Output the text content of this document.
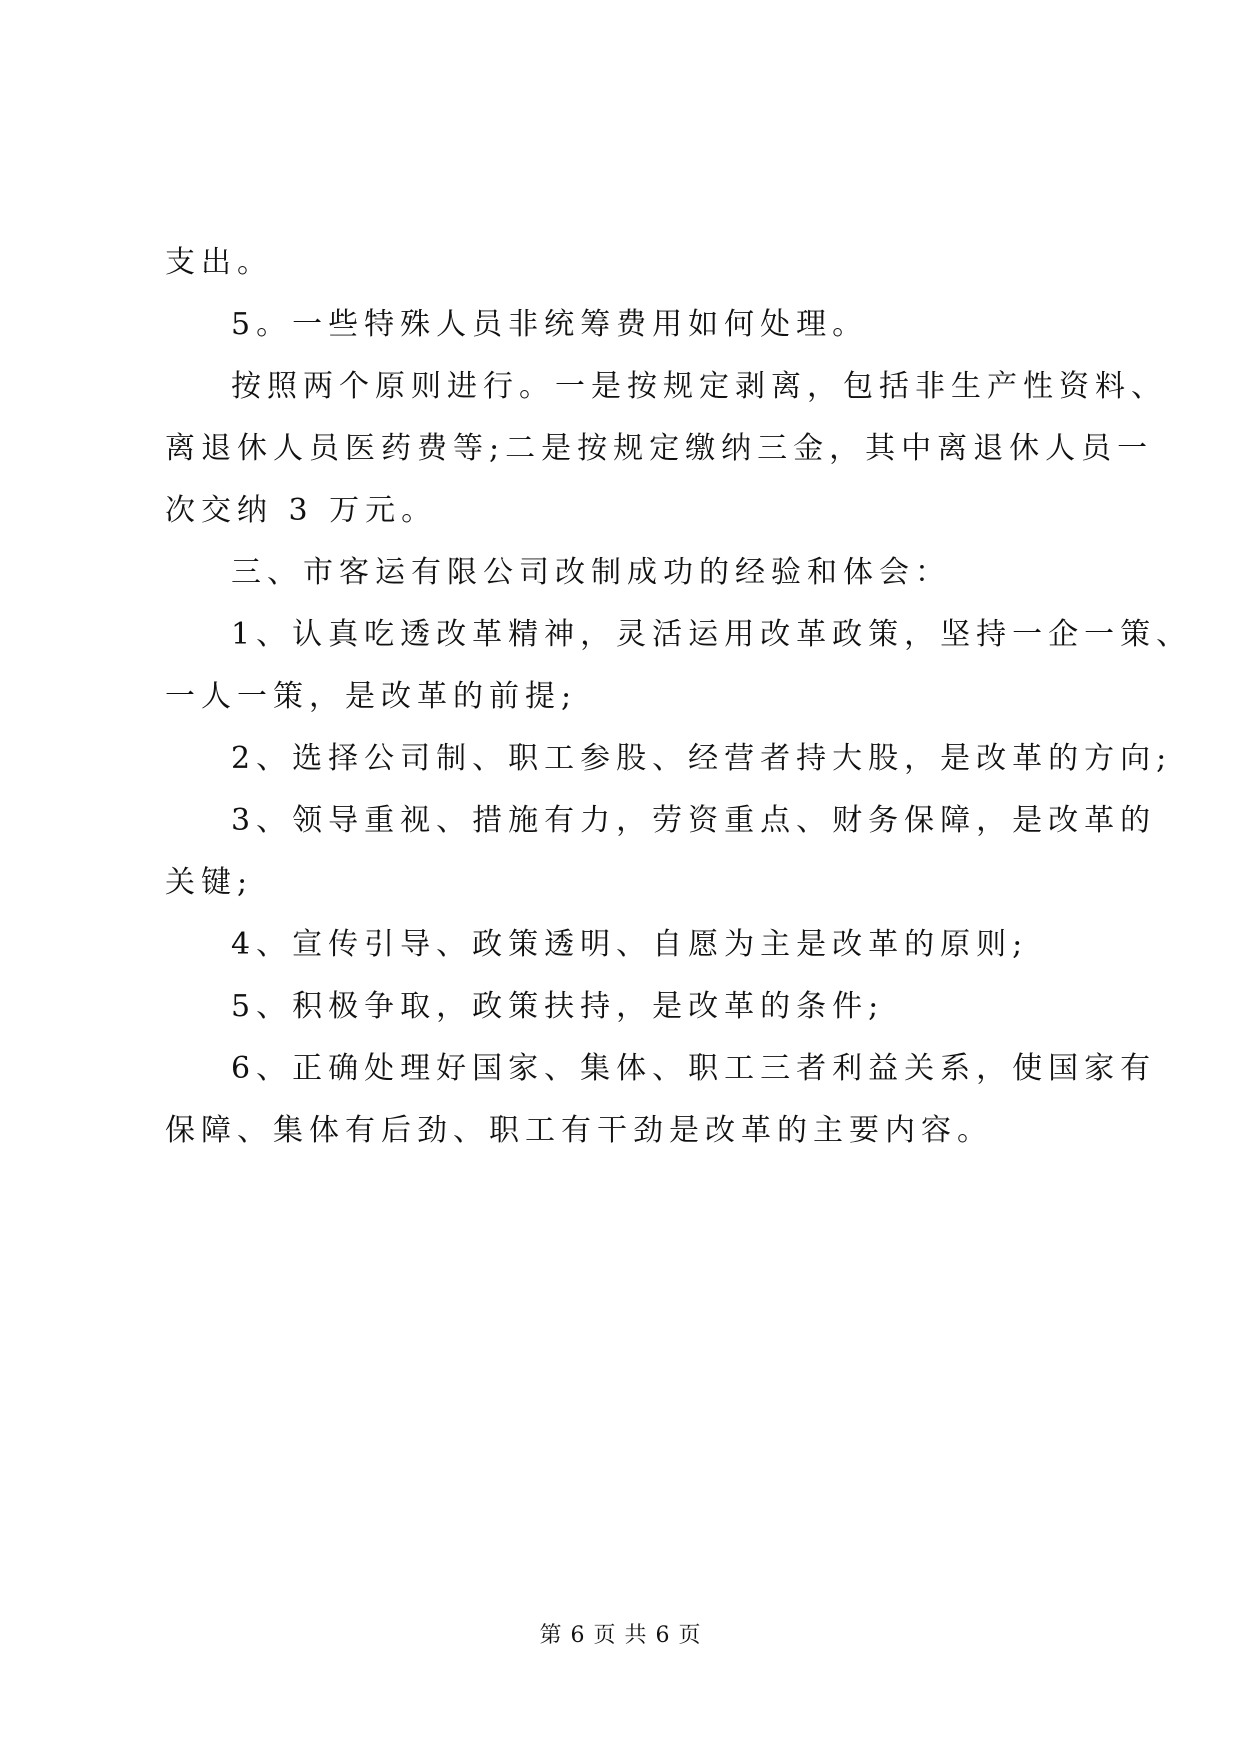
支出。
5。一些特殊人员非统筹费用如何处理。
按照两个原则进行。一是按规定剥离，包括非生产性资料、
离退休人员医药费等;二是按规定缴纳三金，其中离退休人员一
次交纳 3 万元。
三、市客运有限公司改制成功的经验和体会：
1、认真吃透改革精神，灵活运用改革政策，坚持一企一策、
一人一策，是改革的前提;
2、选择公司制、职工参股、经营者持大股，是改革的方向;
3、领导重视、措施有力，劳资重点、财务保障，是改革的
关键;
4、宣传引导、政策透明、自愿为主是改革的原则;
5、积极争取，政策扶持，是改革的条件;
6、正确处理好国家、集体、职工三者利益关系，使国家有
保障、集体有后劲、职工有干劲是改革的主要内容。
第 6 页 共 6 页
